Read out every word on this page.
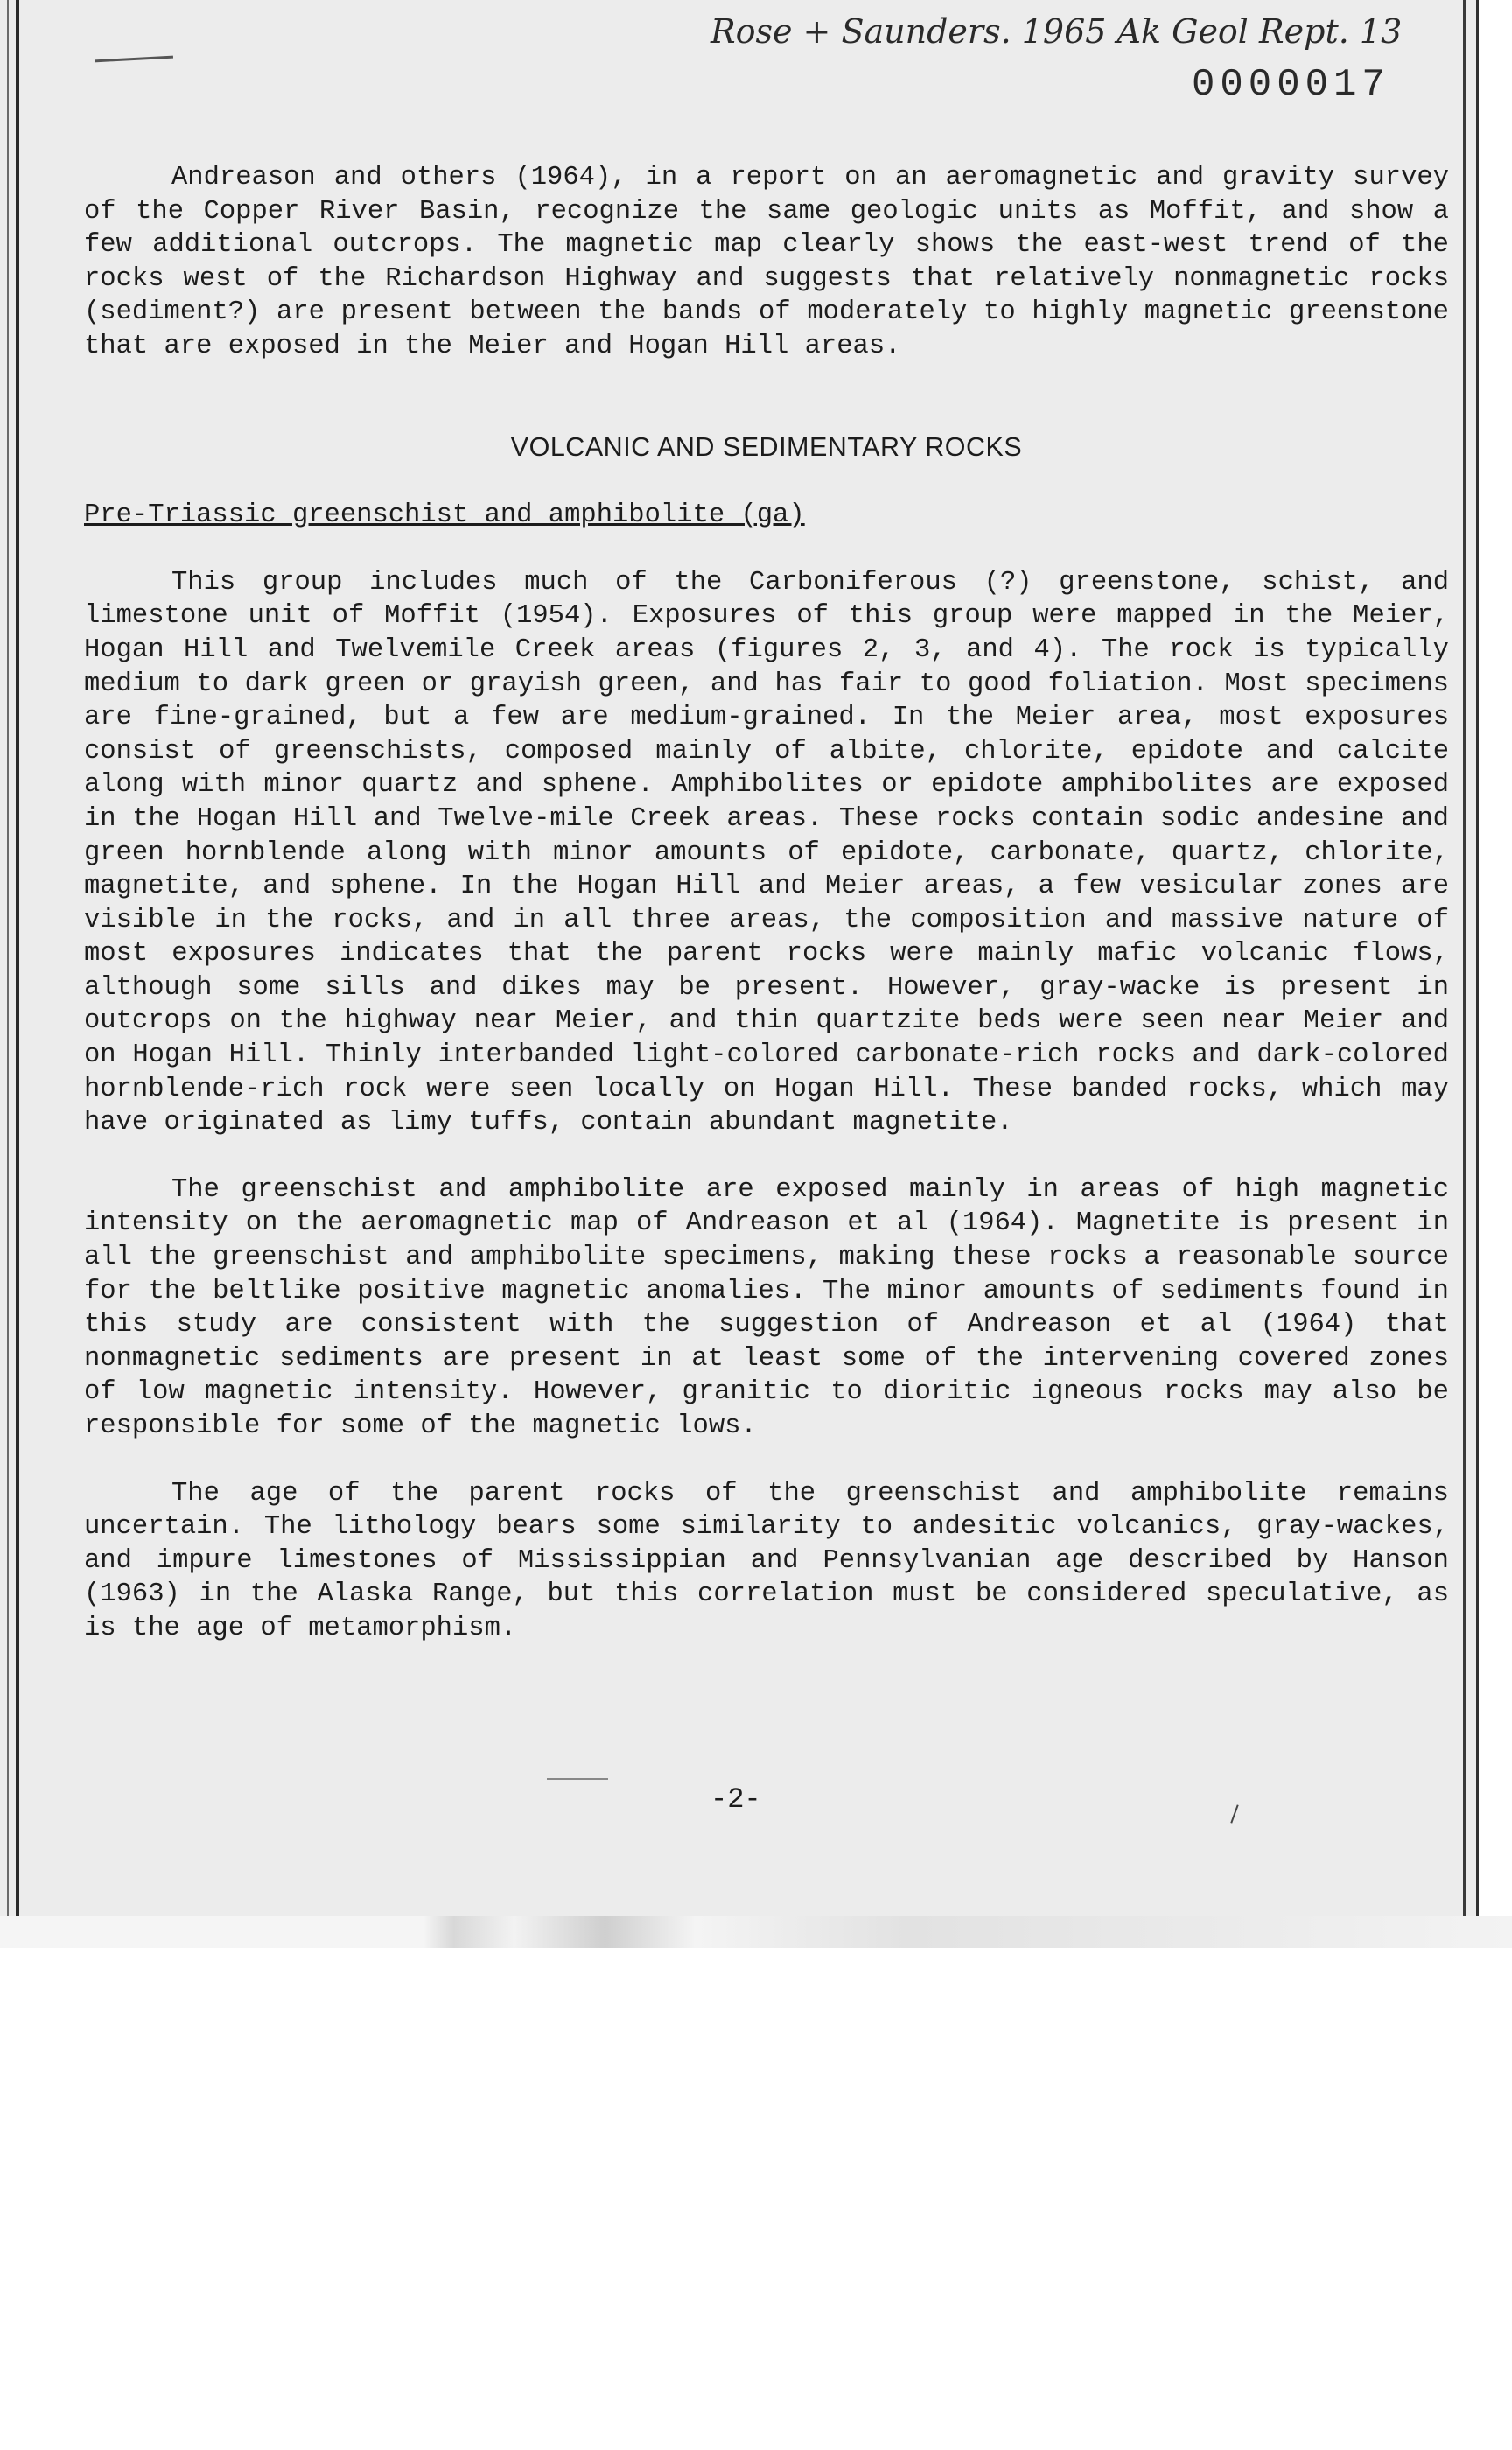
Rose + Saunders. 1965 Ak Geol Rept. 13
0000017

Andreason and others (1964), in a report on an aeromagnetic and gravity survey of the Copper River Basin, recognize the same geologic units as Moffit, and show a few additional outcrops. The magnetic map clearly shows the east-west trend of the rocks west of the Richardson Highway and suggests that relatively nonmagnetic rocks (sediment?) are present between the bands of moderately to highly magnetic greenstone that are exposed in the Meier and Hogan Hill areas.

VOLCANIC AND SEDIMENTARY ROCKS
Pre-Triassic greenschist and amphibolite (ga)

This group includes much of the Carboniferous (?) greenstone, schist, and limestone unit of Moffit (1954). Exposures of this group were mapped in the Meier, Hogan Hill and Twelvemile Creek areas (figures 2, 3, and 4). The rock is typically medium to dark green or grayish green, and has fair to good foliation. Most specimens are fine-grained, but a few are medium-grained. In the Meier area, most exposures consist of greenschists, composed mainly of albite, chlorite, epidote and calcite along with minor quartz and sphene. Amphibolites or epidote amphibolites are exposed in the Hogan Hill and Twelve-mile Creek areas. These rocks contain sodic andesine and green hornblende along with minor amounts of epidote, carbonate, quartz, chlorite, magnetite, and sphene. In the Hogan Hill and Meier areas, a few vesicular zones are visible in the rocks, and in all three areas, the composition and massive nature of most exposures indicates that the parent rocks were mainly mafic volcanic flows, although some sills and dikes may be present. However, gray-wacke is present in outcrops on the highway near Meier, and thin quartzite beds were seen near Meier and on Hogan Hill. Thinly interbanded light-colored carbonate-rich rocks and dark-colored hornblende-rich rock were seen locally on Hogan Hill. These banded rocks, which may have originated as limy tuffs, contain abundant magnetite.

The greenschist and amphibolite are exposed mainly in areas of high magnetic intensity on the aeromagnetic map of Andreason et al (1964). Magnetite is present in all the greenschist and amphibolite specimens, making these rocks a reasonable source for the beltlike positive magnetic anomalies. The minor amounts of sediments found in this study are consistent with the suggestion of Andreason et al (1964) that nonmagnetic sediments are present in at least some of the intervening covered zones of low magnetic intensity. However, granitic to dioritic igneous rocks may also be responsible for some of the magnetic lows.

The age of the parent rocks of the greenschist and amphibolite remains uncertain. The lithology bears some similarity to andesitic volcanics, gray-wackes, and impure limestones of Mississippian and Pennsylvanian age described by Hanson (1963) in the Alaska Range, but this correlation must be considered speculative, as is the age of metamorphism.

-2-
